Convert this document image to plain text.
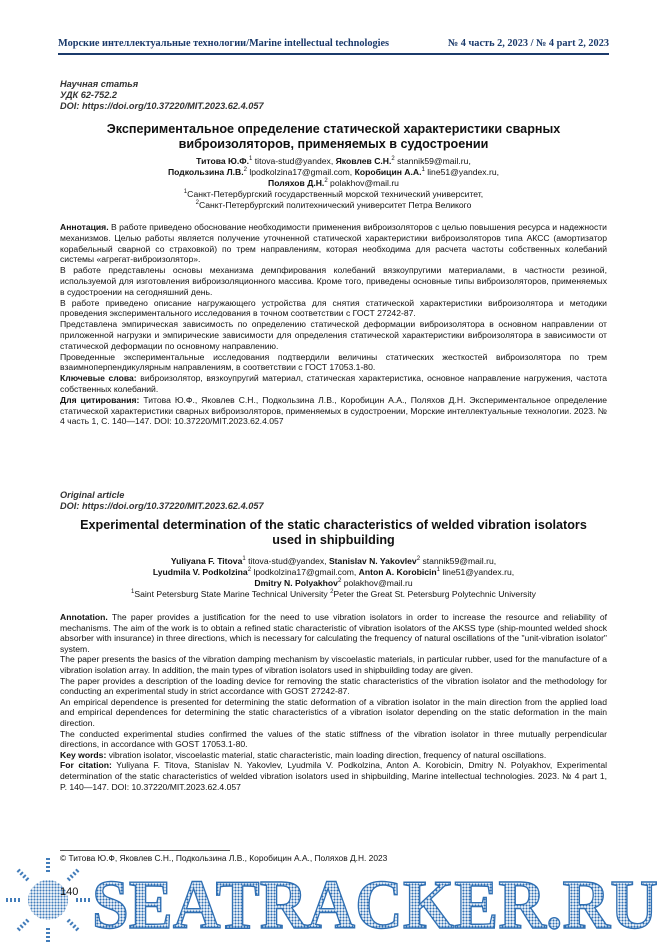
Морские интеллектуальные технологии/Marine intellectual technologies	№ 4 часть 2, 2023 / № 4 part 2, 2023
Научная статья
УДК 62-752.2
DOI: https://doi.org/10.37220/MIT.2023.62.4.057
Экспериментальное определение статической характеристики сварных виброизоляторов, применяемых в судостроении
Титова Ю.Ф.$^1$ titova-stud@yandex, Яковлев С.Н.$^2$ stannik59@mail.ru,
Подкользина Л.В.$^2$ lpodkolzina17@gmail.com, Коробицин А.А.$^1$ line51@yandex.ru,
Поляхов Д.Н.$^2$ polakhov@mail.ru
$^1$Санкт-Петербургский государственный морской технический университет,
$^2$Санкт-Петербургский политехнический университет Петра Великого

Аннотация. В работе приведено обоснование необходимости применения виброизоляторов с целью повышения ресурса и надежности механизмов. Целью работы является получение уточненной статической характеристики виброизоляторов типа АКСС (амортизатор корабельный сварной со страховкой) по трем направлениям, которая необходима для расчета частоты собственных колебаний системы «агрегат-виброизолятор».

В работе представлены основы механизма демпфирования колебаний вязкоупругими материалами, в частности резиной, используемой для изготовления виброизоляционного массива. Кроме того, приведены основные типы виброизоляторов, применяемых в судостроении на сегодняшний день.

В работе приведено описание нагружающего устройства для снятия статической характеристики виброизолятора и методики проведения экспериментального исследования в точном соответствии с ГОСТ 27242-87.

Представлена эмпирическая зависимость по определению статической деформации виброизолятора в основном направлении от приложенной нагрузки и эмпирические зависимости для определения статической характеристики виброизолятора в зависимости от статической деформации по основному направлению.

Проведенные экспериментальные исследования подтвердили величины статических жесткостей виброизолятора по трем взаимноперпендикулярным направлениям, в соответствии с ГОСТ 17053.1-80.

Ключевые слова: виброизолятор, вязкоупругий материал, статическая характеристика, основное направление нагружения, частота собственных колебаний.

Для цитирования: Титова Ю.Ф., Яковлев С.Н., Подкользина Л.В., Коробицин А.А., Поляхов Д.Н. Экспериментальное определение статической характеристики сварных виброизоляторов, применяемых в судостроении, Морские интеллектуальные технологии. 2023. № 4 часть 1, С. 140—147. DOI: 10.37220/MIT.2023.62.4.057

Original article
DOI: https://doi.org/10.37220/MIT.2023.62.4.057
Experimental determination of the static characteristics of welded vibration isolators used in shipbuilding
Yuliyana F. Titova$^1$ titova-stud@yandex, Stanislav N. Yakovlev$^2$ stannik59@mail.ru,
Lyudmila V. Podkolzina$^2$ lpodkolzina17@gmail.com, Anton A. Korobicin$^1$ line51@yandex.ru,
Dmitry N. Polyakhov$^2$ polakhov@mail.ru
$^1$Saint Petersburg State Marine Technical University $^2$Peter the Great St. Petersburg Polytechnic University

Annotation. The paper provides a justification for the need to use vibration isolators in order to increase the resource and reliability of mechanisms. The aim of the work is to obtain a refined static characteristic of vibration isolators of the AKSS type (ship-mounted welded shock absorber with insurance) in three directions, which is necessary for calculating the frequency of natural oscillations of the "unit-vibration isolator" system.

The paper presents the basics of the vibration damping mechanism by viscoelastic materials, in particular rubber, used for the manufacture of a vibration isolation array. In addition, the main types of vibration isolators used in shipbuilding today are given.

The paper provides a description of the loading device for removing the static characteristics of the vibration isolator and the methodology for conducting an experimental study in strict accordance with GOST 27242-87.

An empirical dependence is presented for determining the static deformation of a vibration isolator in the main direction from the applied load and empirical dependences for determining the static characteristics of a vibration isolator depending on the static deformation in the main direction.

The conducted experimental studies confirmed the values of the static stiffness of the vibration isolator in three mutually perpendicular directions, in accordance with GOST 17053.1-80.

Key words: vibration isolator, viscoelastic material, static characteristic, main loading direction, frequency of natural oscillations.

For citation: Yuliyana F. Titova, Stanislav N. Yakovlev, Lyudmila V. Podkolzina, Anton A. Korobicin, Dmitry N. Polyakhov, Experimental determination of the static characteristics of welded vibration isolators used in shipbuilding, Marine intellectual technologies. 2023. № 4 part 1, P. 140—147. DOI: 10.37220/MIT.2023.62.4.057

© Титова Ю.Ф, Яковлев С.Н., Подкользина Л.В., Коробицин А.А., Поляхов Д.Н. 2023
SEATRACKER.RU
140
